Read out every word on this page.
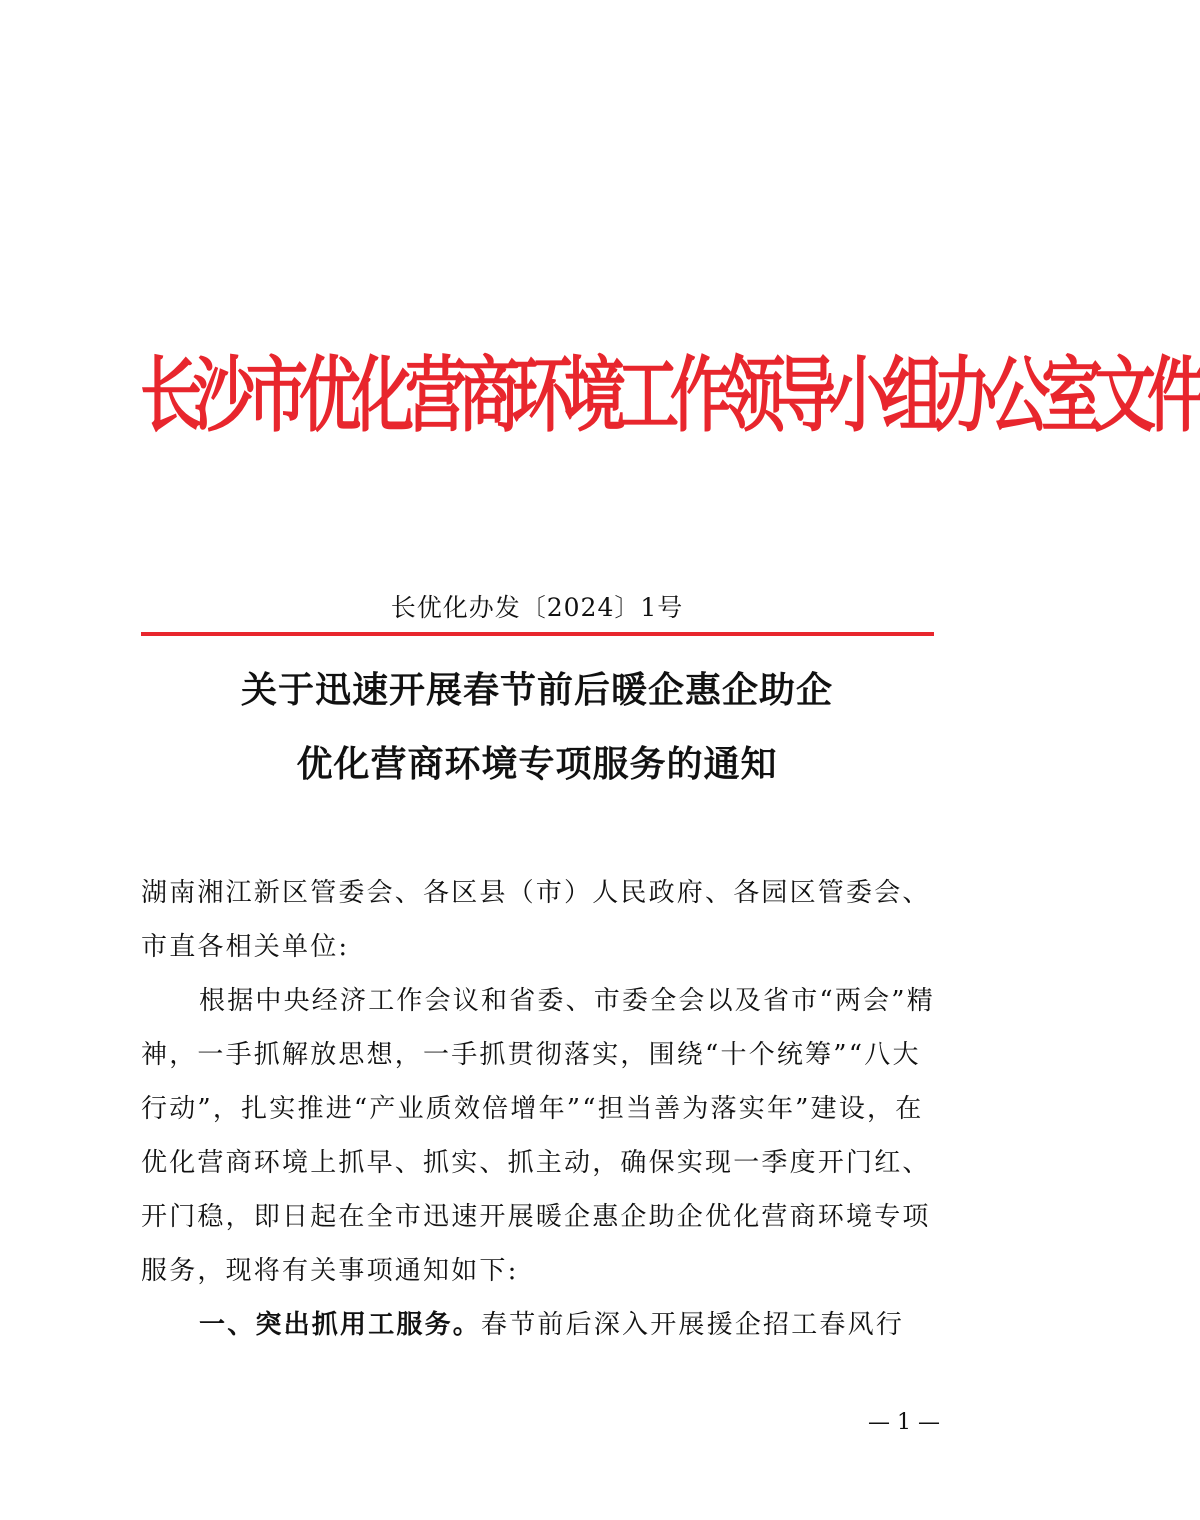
长沙市优化营商环境工作领导小组办公室文件
长优化办发〔2024〕1号
关于迅速开展春节前后暖企惠企助企
优化营商环境专项服务的通知
湖南湘江新区管委会、各区县（市）人民政府、各园区管委会、市直各相关单位:
根据中央经济工作会议和省委、市委全会以及省市“两会”精神，一手抓解放思想，一手抓贯彻落实，围绕“十个统筹”“八大行动”，扎实推进“产业质效倍增年”“担当善为落实年”建设，在优化营商环境上抓早、抓实、抓主动，确保实现一季度开门红、开门稳，即日起在全市迅速开展暖企惠企助企优化营商环境专项服务，现将有关事项通知如下:
一、突出抓用工服务。春节前后深入开展援企招工春风行
— 1 —
